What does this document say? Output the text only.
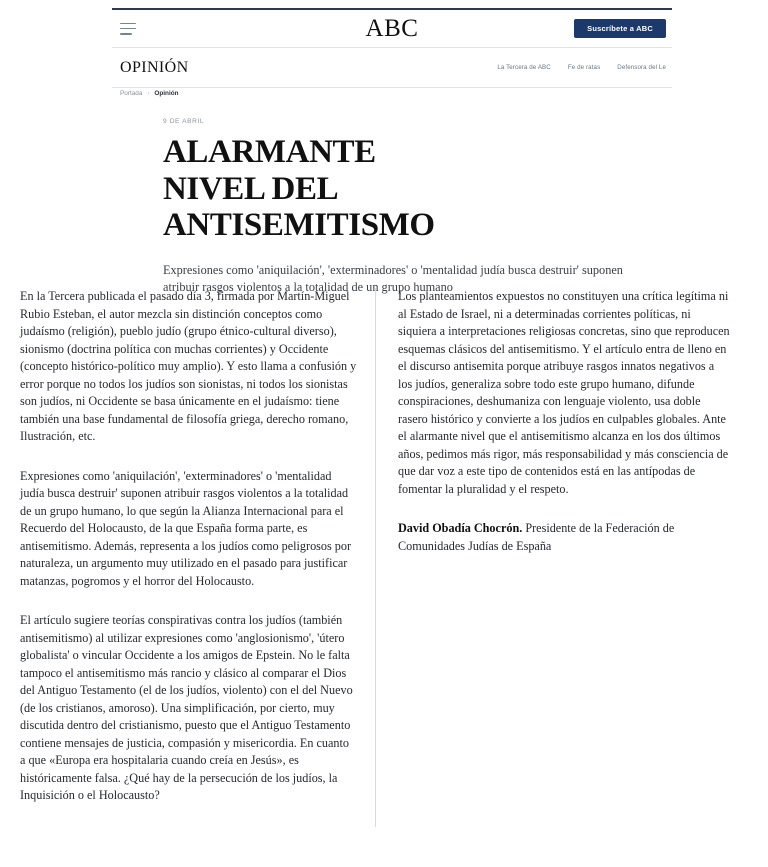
ABC	Suscríbete a ABC
OPINIÓN	La Tercera de ABC	Fe de ratas	Defensora del Le
Portada › Opinión
9 DE ABRIL
ALARMANTE NIVEL DEL ANTISEMITISMO

Expresiones como 'aniquilación', 'exterminadores' o 'mentalidad judía busca destruir' suponen atribuir rasgos violentos a la totalidad de un grupo humano

En la Tercera publicada el pasado día 3, firmada por Martín-Miguel Rubio Esteban, el autor mezcla sin distinción conceptos como judaísmo (religión), pueblo judío (grupo étnico-cultural diverso), sionismo (doctrina política con muchas corrientes) y Occidente (concepto histórico-político muy amplio). Y esto llama a confusión y error porque no todos los judíos son sionistas, ni todos los sionistas son judíos, ni Occidente se basa únicamente en el judaísmo: tiene también una base fundamental de filosofía griega, derecho romano, Ilustración, etc.

Expresiones como 'aniquilación', 'exterminadores' o 'mentalidad judía busca destruir' suponen atribuir rasgos violentos a la totalidad de un grupo humano, lo que según la Alianza Internacional para el Recuerdo del Holocausto, de la que España forma parte, es antisemitismo. Además, representa a los judíos como peligrosos por naturaleza, un argumento muy utilizado en el pasado para justificar matanzas, pogromos y el horror del Holocausto.

El artículo sugiere teorías conspirativas contra los judíos (también antisemitismo) al utilizar expresiones como 'anglosionismo', 'útero globalista' o vincular Occidente a los amigos de Epstein. No le falta tampoco el antisemitismo más rancio y clásico al comparar el Dios del Antiguo Testamento (el de los judíos, violento) con el del Nuevo (de los cristianos, amoroso). Una simplificación, por cierto, muy discutida dentro del cristianismo, puesto que el Antiguo Testamento contiene mensajes de justicia, compasión y misericordia. En cuanto a que «Europa era hospitalaria cuando creía en Jesús», es históricamente falsa. ¿Qué hay de la persecución de los judíos, la Inquisición o el Holocausto?

Los planteamientos expuestos no constituyen una crítica legítima ni al Estado de Israel, ni a determinadas corrientes políticas, ni siquiera a interpretaciones religiosas concretas, sino que reproducen esquemas clásicos del antisemitismo. Y el artículo entra de lleno en el discurso antisemita porque atribuye rasgos innatos negativos a los judíos, generaliza sobre todo este grupo humano, difunde conspiraciones, deshumaniza con lenguaje violento, usa doble rasero histórico y convierte a los judíos en culpables globales. Ante el alarmante nivel que el antisemitismo alcanza en los dos últimos años, pedimos más rigor, más responsabilidad y más consciencia de que dar voz a este tipo de contenidos está en las antípodas de fomentar la pluralidad y el respeto.

David Obadía Chocrón. Presidente de la Federación de Comunidades Judías de España
